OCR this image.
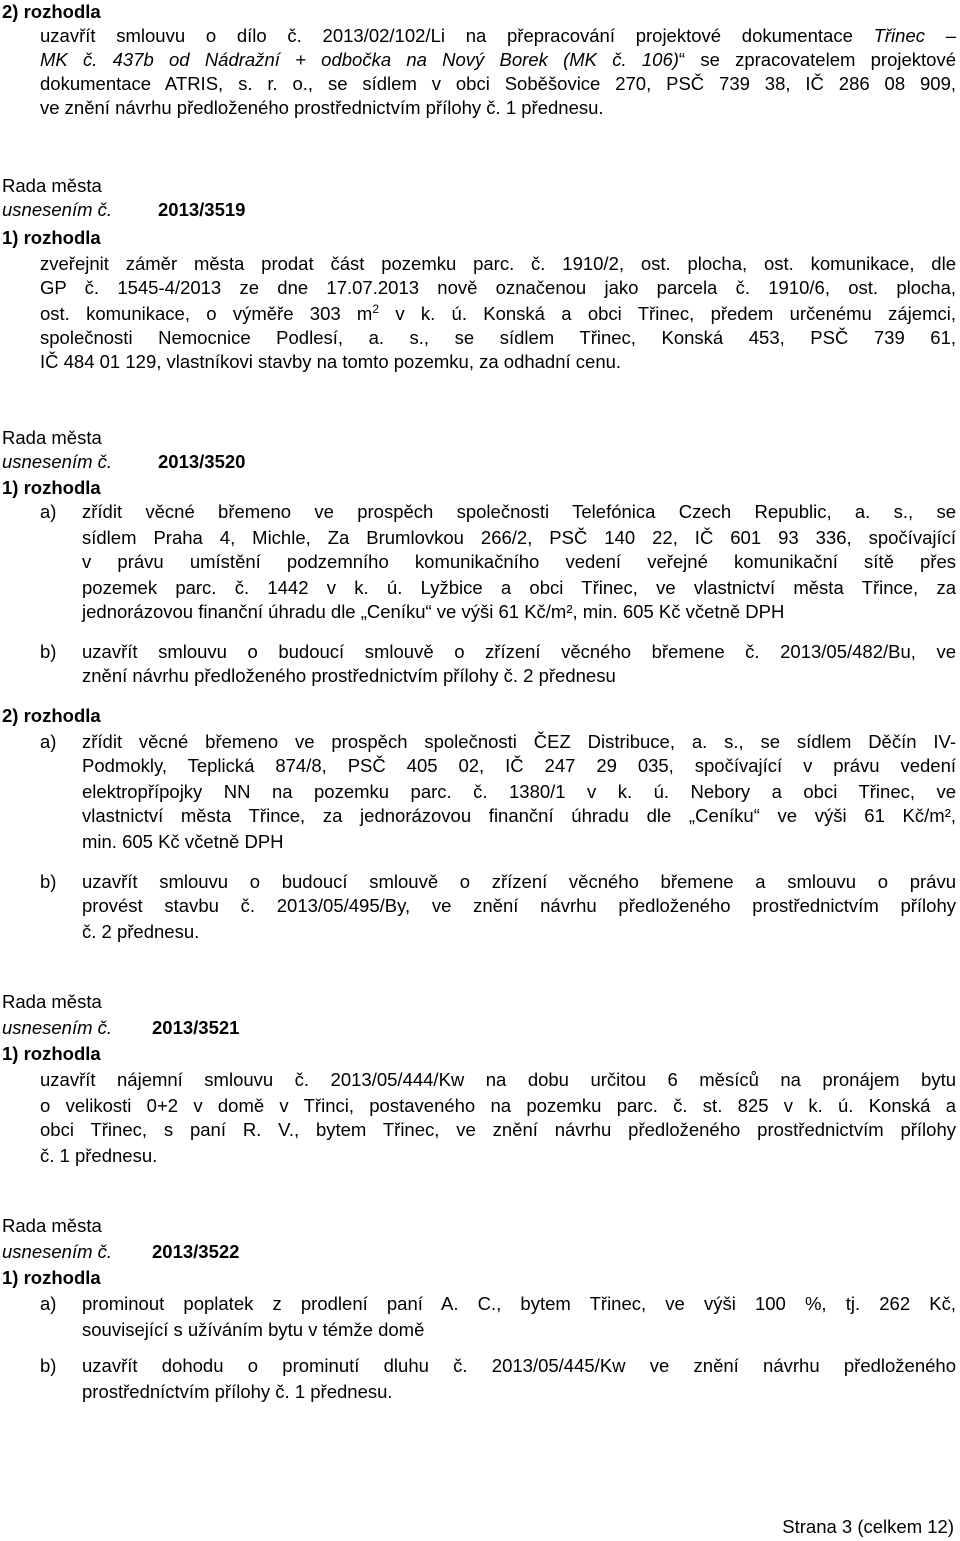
2) rozhodla
uzavřít smlouvu o dílo č. 2013/02/102/Li na přepracování projektové dokumentace Třinec –
MK č. 437b od Nádražní + odbočka na Nový Borek (MK č. 106)“ se zpracovatelem projektové
dokumentace ATRIS, s. r. o., se sídlem v obci Soběšovice 270, PSČ 739 38, IČ 286 08 909,
ve znění návrhu předloženého prostřednictvím přílohy č. 1 přednesu.
Rada města
usnesením č. 2013/3519
1) rozhodla
zveřejnit záměr města prodat část pozemku parc. č. 1910/2, ost. plocha, ost. komunikace, dle
GP č. 1545-4/2013 ze dne 17.07.2013 nově označenou jako parcela č. 1910/6, ost. plocha,
ost. komunikace, o výměře 303 $m^2$ v k. ú. Konská a obci Třinec, předem určenému zájemci,
společnosti Nemocnice Podlesí, a. s., se sídlem Třinec, Konská 453, PSČ 739 61,
IČ 484 01 129, vlastníkovi stavby na tomto pozemku, za odhadní cenu.
Rada města
usnesením č. 2013/3520
1) rozhodla
a) zřídit věcné břemeno ve prospěch společnosti Telefónica Czech Republic, a. s., se
sídlem Praha 4, Michle, Za Brumlovkou 266/2, PSČ 140 22, IČ 601 93 336, spočívající
v právu umístění podzemního komunikačního vedení veřejné komunikační sítě přes
pozemek parc. č. 1442 v k. ú. Lyžbice a obci Třinec, ve vlastnictví města Třince, za
jednorázovou finanční úhradu dle „Ceníku“ ve výši 61 Kč/m², min. 605 Kč včetně DPH
b) uzavřít smlouvu o budoucí smlouvě o zřízení věcného břemene č. 2013/05/482/Bu, ve
znění návrhu předloženého prostřednictvím přílohy č. 2 přednesu
2) rozhodla
a) zřídit věcné břemeno ve prospěch společnosti ČEZ Distribuce, a. s., se sídlem Děčín IV-
Podmokly, Teplická 874/8, PSČ 405 02, IČ 247 29 035, spočívající v právu vedení
elektropřípojky NN na pozemku parc. č. 1380/1 v k. ú. Nebory a obci Třinec, ve
vlastnictví města Třince, za jednorázovou finanční úhradu dle „Ceníku“ ve výši 61 Kč/m²,
min. 605 Kč včetně DPH
b) uzavřít smlouvu o budoucí smlouvě o zřízení věcného břemene a smlouvu o právu
provést stavbu č. 2013/05/495/By, ve znění návrhu předloženého prostřednictvím přílohy
č. 2 přednesu.
Rada města
usnesením č. 2013/3521
1) rozhodla
uzavřít nájemní smlouvu č. 2013/05/444/Kw na dobu určitou 6 měsíců na pronájem bytu
o velikosti 0+2 v domě v Třinci, postaveného na pozemku parc. č. st. 825 v k. ú. Konská a
obci Třinec, s paní R. V., bytem Třinec, ve znění návrhu předloženého prostřednictvím přílohy
č. 1 přednesu.
Rada města
usnesením č. 2013/3522
1) rozhodla
a) prominout poplatek z prodlení paní A. C., bytem Třinec, ve výši 100 %, tj. 262 Kč,
související s užíváním bytu v témže domě
b) uzavřít dohodu o prominutí dluhu č. 2013/05/445/Kw ve znění návrhu předloženého
prostředníctvím přílohy č. 1 přednesu.
Strana 3 (celkem 12)
